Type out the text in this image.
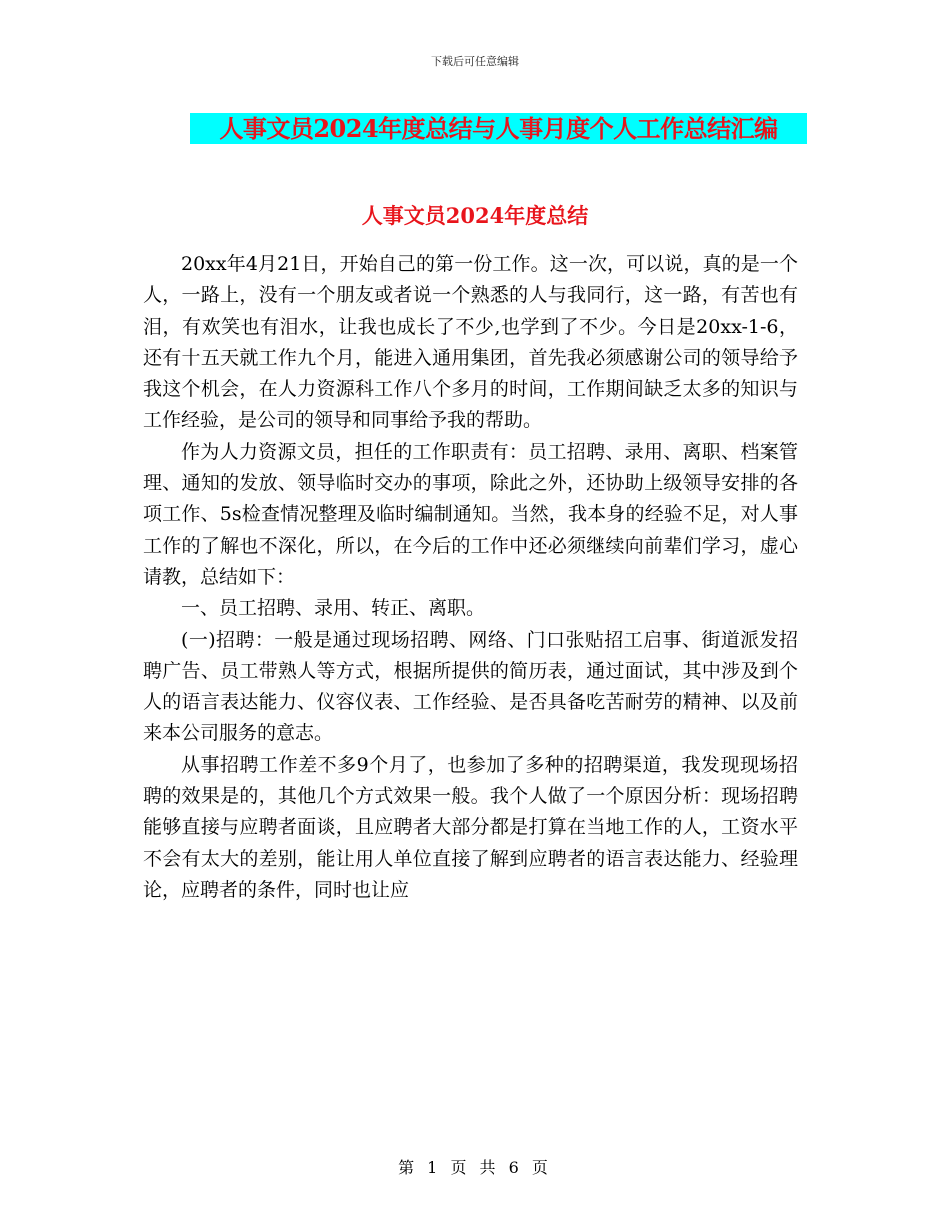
下载后可任意编辑
人事文员2024年度总结与人事月度个人工作总结汇编
人事文员2024年度总结

20xx年4月21日，开始自己的第一份工作。这一次，可以说，真的是一个人，一路上，没有一个朋友或者说一个熟悉的人与我同行，这一路，有苦也有泪，有欢笑也有泪水，让我也成长了不少,也学到了不少。今日是20xx-1-6，还有十五天就工作九个月，能进入通用集团，首先我必须感谢公司的领导给予我这个机会，在人力资源科工作八个多月的时间，工作期间缺乏太多的知识与工作经验，是公司的领导和同事给予我的帮助。

作为人力资源文员，担任的工作职责有：员工招聘、录用、离职、档案管理、通知的发放、领导临时交办的事项，除此之外，还协助上级领导安排的各项工作、5s检查情况整理及临时编制通知。当然，我本身的经验不足，对人事工作的了解也不深化，所以，在今后的工作中还必须继续向前辈们学习，虚心请教，总结如下：

一、员工招聘、录用、转正、离职。

(一)招聘：一般是通过现场招聘、网络、门口张贴招工启事、街道派发招聘广告、员工带熟人等方式，根据所提供的简历表，通过面试，其中涉及到个人的语言表达能力、仪容仪表、工作经验、是否具备吃苦耐劳的精神、以及前来本公司服务的意志。

从事招聘工作差不多9个月了，也参加了多种的招聘渠道，我发现现场招聘的效果是的，其他几个方式效果一般。我个人做了一个原因分析：现场招聘能够直接与应聘者面谈，且应聘者大部分都是打算在当地工作的人，工资水平不会有太大的差别，能让用人单位直接了解到应聘者的语言表达能力、经验理论，应聘者的条件，同时也让应

第 1 页 共 6 页
